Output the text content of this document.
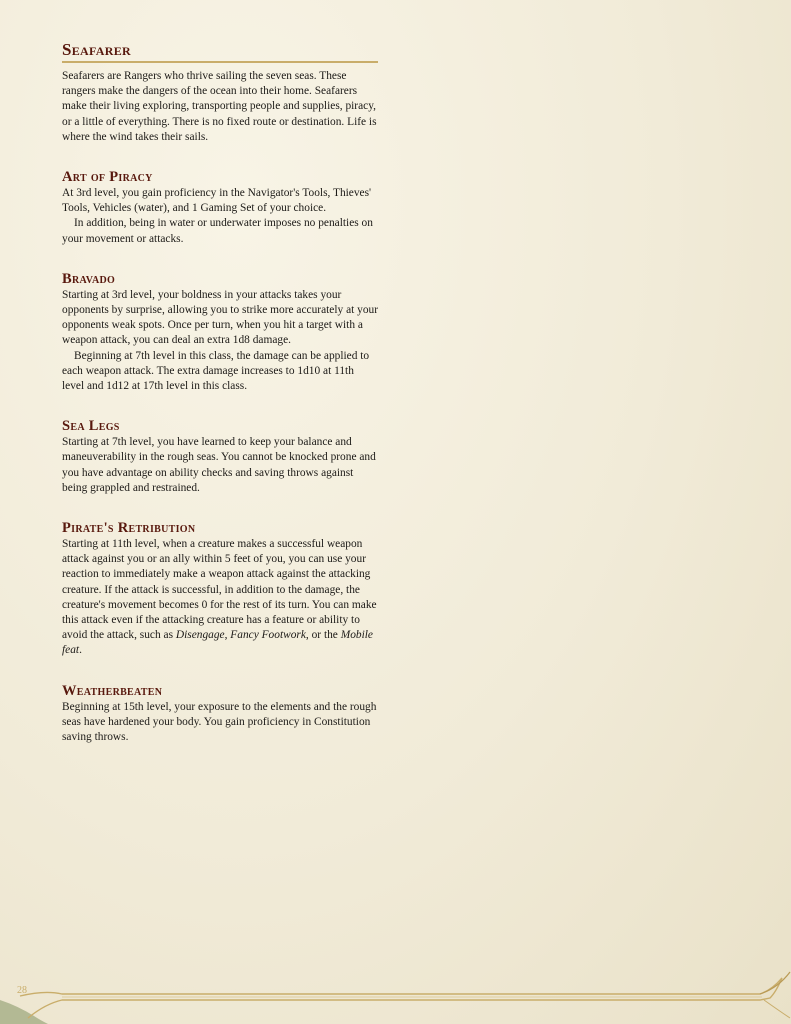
Seafarer

Seafarers are Rangers who thrive sailing the seven seas. These rangers make the dangers of the ocean into their home. Seafarers make their living exploring, transporting people and supplies, piracy, or a little of everything. There is no fixed route or destination. Life is where the wind takes their sails.

Art of Piracy

At 3rd level, you gain proficiency in the Navigator's Tools, Thieves' Tools, Vehicles (water), and 1 Gaming Set of your choice.

In addition, being in water or underwater imposes no penalties on your movement or attacks.

Bravado

Starting at 3rd level, your boldness in your attacks takes your opponents by surprise, allowing you to strike more accurately at your opponents weak spots. Once per turn, when you hit a target with a weapon attack, you can deal an extra 1d8 damage.

Beginning at 7th level in this class, the damage can be applied to each weapon attack. The extra damage increases to 1d10 at 11th level and 1d12 at 17th level in this class.

Sea Legs

Starting at 7th level, you have learned to keep your balance and maneuverability in the rough seas. You cannot be knocked prone and you have advantage on ability checks and saving throws against being grappled and restrained.

Pirate's Retribution

Starting at 11th level, when a creature makes a successful weapon attack against you or an ally within 5 feet of you, you can use your reaction to immediately make a weapon attack against the attacking creature. If the attack is successful, in addition to the damage, the creature's movement becomes 0 for the rest of its turn. You can make this attack even if the attacking creature has a feature or ability to avoid the attack, such as Disengage, Fancy Footwork, or the Mobile feat.

Weatherbeaten

Beginning at 15th level, your exposure to the elements and the rough seas have hardened your body. You gain proficiency in Constitution saving throws.

28
